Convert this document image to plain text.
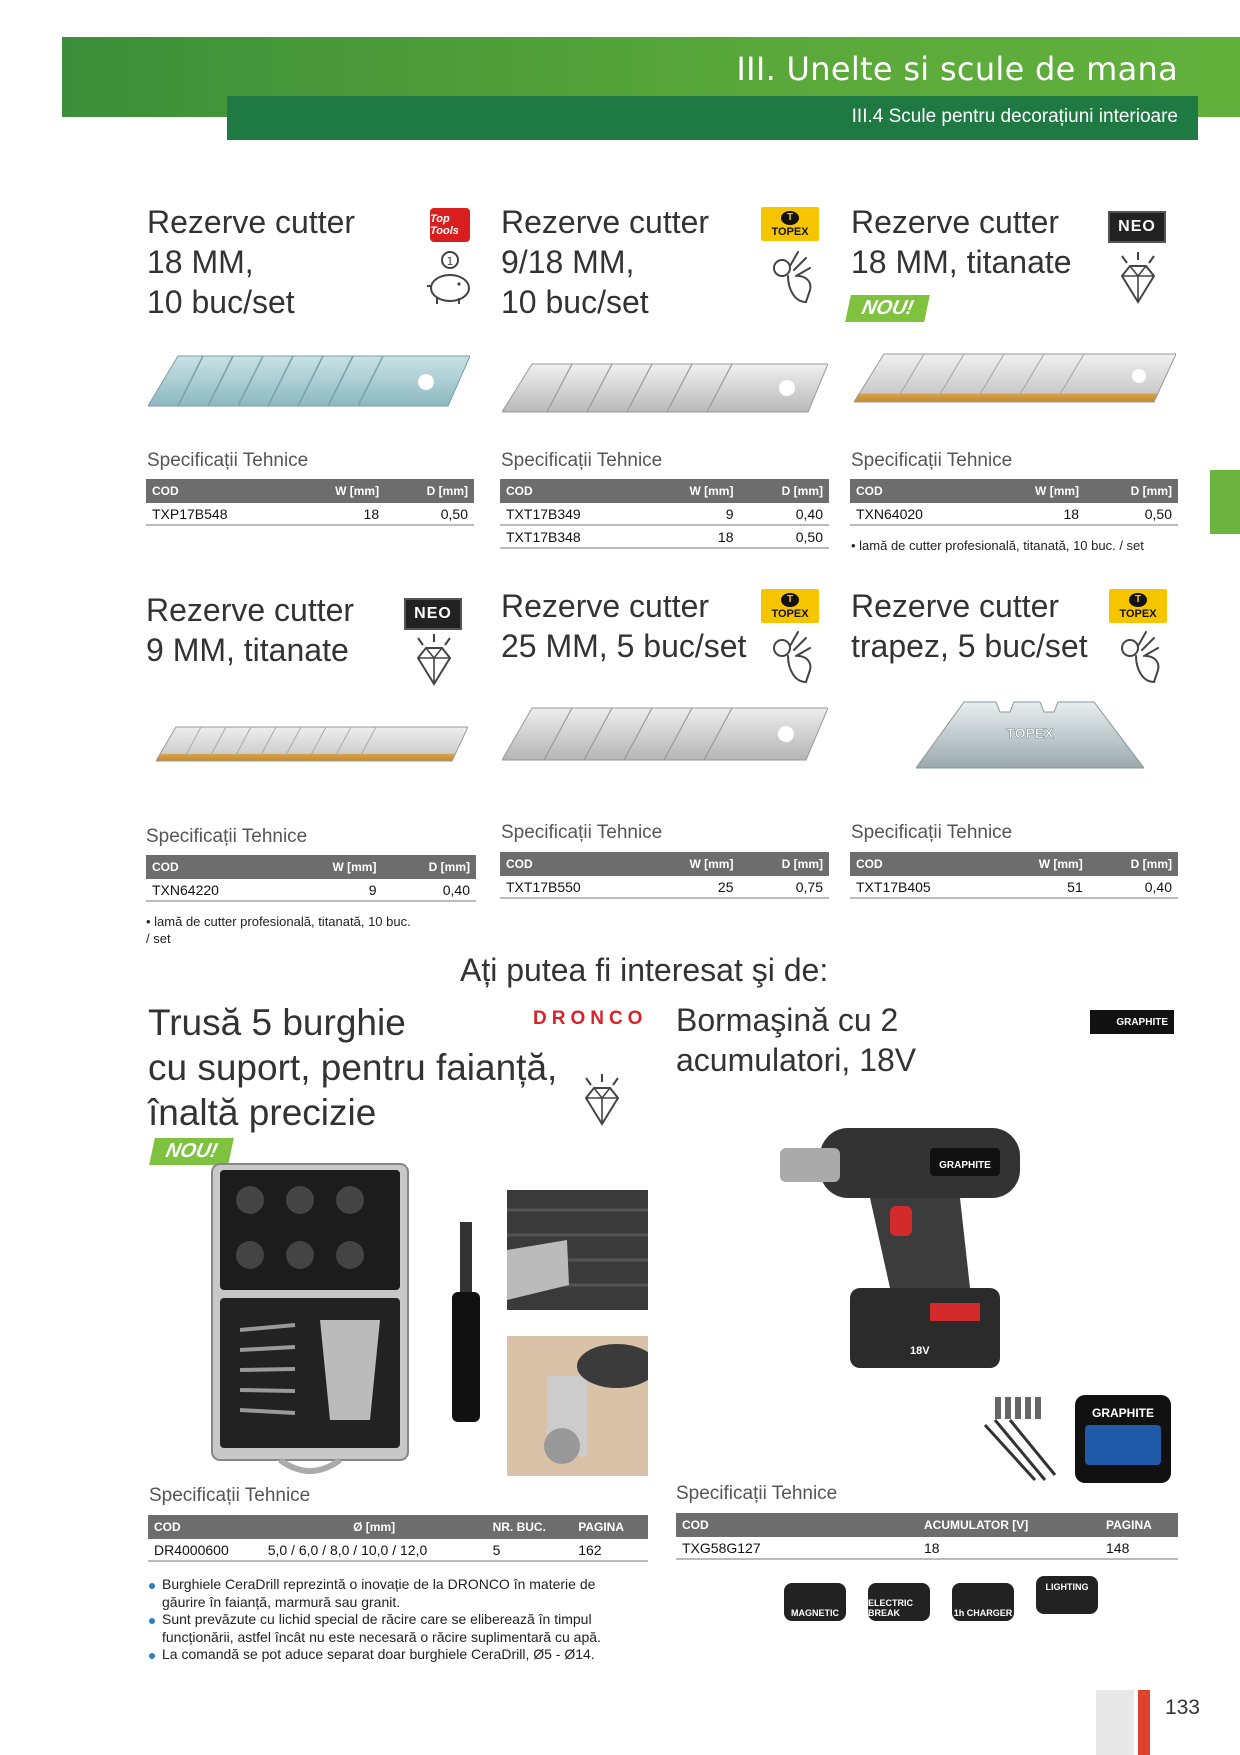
III. Unelte si scule de mana
III.4 Scule pentru decorațiuni interioare
Rezerve cutter
18 MM,
10 buc/set
Top Tools
1
Specificații Tehnice
COD	W [mm]	D [mm]
TXP17B548	18	0,50
Rezerve cutter
9/18 MM,
10 buc/set
T
TOPEX
Specificații Tehnice
COD	W [mm]	D [mm]
TXT17B349	9	0,40
TXT17B348	18	0,50
Rezerve cutter
18 MM, titanate
NOU!
NEO
Specificații Tehnice
COD	W [mm]	D [mm]
TXN64020	18	0,50
• lamă de cutter profesională, titanată, 10 buc. / set
Rezerve cutter
9 MM, titanate
NEO
Specificații Tehnice
COD	W [mm]	D [mm]
TXN64220	9	0,40
• lamă de cutter profesională, titanată, 10 buc. / set
Rezerve cutter
25 MM, 5 buc/set
T
TOPEX
Specificații Tehnice
COD	W [mm]	D [mm]
TXT17B550	25	0,75
Rezerve cutter
trapez, 5 buc/set
T
TOPEX
TOPEX
Specificații Tehnice
COD	W [mm]	D [mm]
TXT17B405	51	0,40
Ați putea fi interesat şi de:
Trusă 5 burghie
cu suport, pentru faianță,
înaltă precizie
DRONCO
NOU!
Specificații Tehnice
COD	Ø [mm]	NR. BUC.	PAGINA
DR4000600	5,0 / 6,0 / 8,0 / 10,0 / 12,0	5	162
Burghiele CeraDrill reprezintă o inovație de la DRONCO în materie de găurire în faianță, marmură sau granit.
Sunt prevăzute cu lichid special de răcire care se eliberează în timpul funcționării, astfel încât nu este necesară o răcire suplimentară cu apă.
La comandă se pot aduce separat doar burghiele CeraDrill, Ø5 - Ø14.
Bormaşină cu 2
acumulatori, 18V
GRAPHITE
GRAPHITE
18V
GRAPHITE
Specificații Tehnice
COD	ACUMULATOR [V]	PAGINA
TXG58G127	18	148
MAGNETIC
ELECTRIC BREAK	1h CHARGER
LIGHTING
133
